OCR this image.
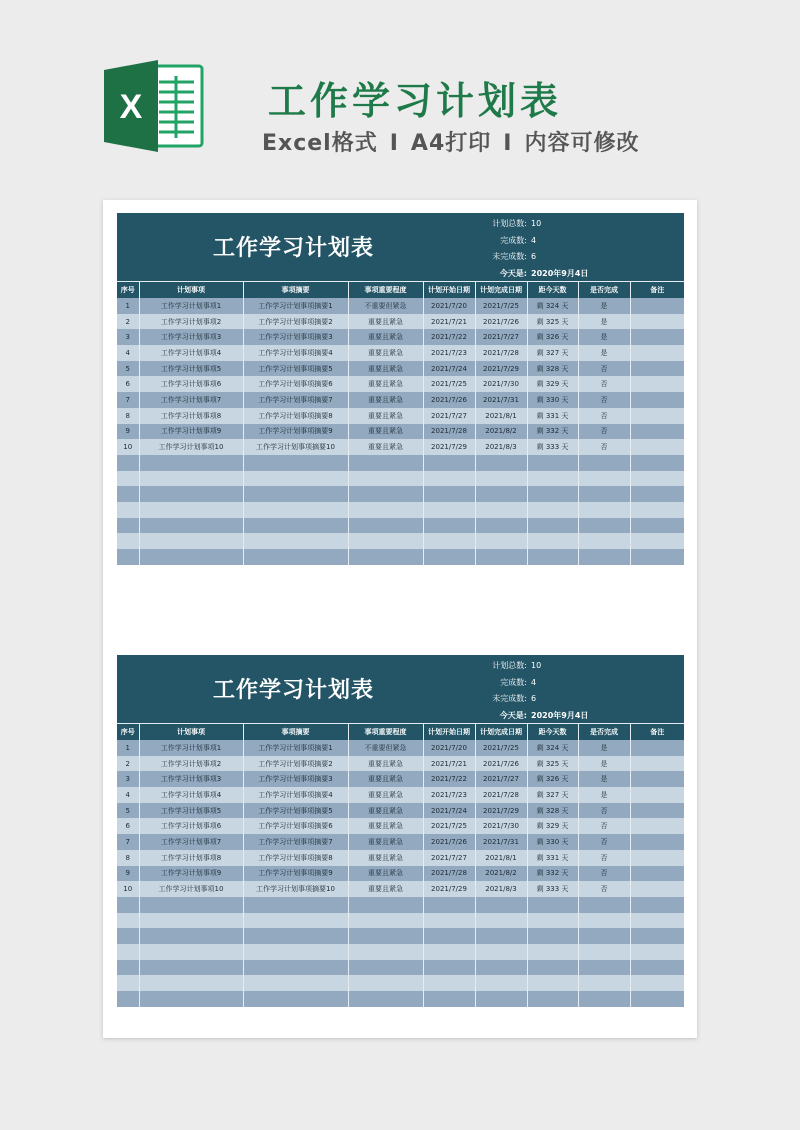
X	工作学习计划表
Excel格式 I A4打印 I 内容可修改
工作学习计划表
计划总数: 10
完成数: 4
未完成数: 6
今天是: 2020年9月4日
序号	计划事项	事项摘要	事项重要程度	计划开始日期	计划完成日期	距今天数	是否完成	备注
1	工作学习计划事项1	工作学习计划事项摘要1	不重要但紧急	2021/7/20	2021/7/25	剩 324 天	是	
2	工作学习计划事项2	工作学习计划事项摘要2	重要且紧急	2021/7/21	2021/7/26	剩 325 天	是	
3	工作学习计划事项3	工作学习计划事项摘要3	重要且紧急	2021/7/22	2021/7/27	剩 326 天	是	
4	工作学习计划事项4	工作学习计划事项摘要4	重要且紧急	2021/7/23	2021/7/28	剩 327 天	是	
5	工作学习计划事项5	工作学习计划事项摘要5	重要且紧急	2021/7/24	2021/7/29	剩 328 天	否	
6	工作学习计划事项6	工作学习计划事项摘要6	重要且紧急	2021/7/25	2021/7/30	剩 329 天	否	
7	工作学习计划事项7	工作学习计划事项摘要7	重要且紧急	2021/7/26	2021/7/31	剩 330 天	否	
8	工作学习计划事项8	工作学习计划事项摘要8	重要且紧急	2021/7/27	2021/8/1	剩 331 天	否	
9	工作学习计划事项9	工作学习计划事项摘要9	重要且紧急	2021/7/28	2021/8/2	剩 332 天	否	
10	工作学习计划事项10	工作学习计划事项摘要10	重要且紧急	2021/7/29	2021/8/3	剩 333 天	否	

工作学习计划表
计划总数: 10
完成数: 4
未完成数: 6
今天是: 2020年9月4日
序号	计划事项	事项摘要	事项重要程度	计划开始日期	计划完成日期	距今天数	是否完成	备注
1	工作学习计划事项1	工作学习计划事项摘要1	不重要但紧急	2021/7/20	2021/7/25	剩 324 天	是	
2	工作学习计划事项2	工作学习计划事项摘要2	重要且紧急	2021/7/21	2021/7/26	剩 325 天	是	
3	工作学习计划事项3	工作学习计划事项摘要3	重要且紧急	2021/7/22	2021/7/27	剩 326 天	是	
4	工作学习计划事项4	工作学习计划事项摘要4	重要且紧急	2021/7/23	2021/7/28	剩 327 天	是	
5	工作学习计划事项5	工作学习计划事项摘要5	重要且紧急	2021/7/24	2021/7/29	剩 328 天	否	
6	工作学习计划事项6	工作学习计划事项摘要6	重要且紧急	2021/7/25	2021/7/30	剩 329 天	否	
7	工作学习计划事项7	工作学习计划事项摘要7	重要且紧急	2021/7/26	2021/7/31	剩 330 天	否	
8	工作学习计划事项8	工作学习计划事项摘要8	重要且紧急	2021/7/27	2021/8/1	剩 331 天	否	
9	工作学习计划事项9	工作学习计划事项摘要9	重要且紧急	2021/7/28	2021/8/2	剩 332 天	否	
10	工作学习计划事项10	工作学习计划事项摘要10	重要且紧急	2021/7/29	2021/8/3	剩 333 天	否	
